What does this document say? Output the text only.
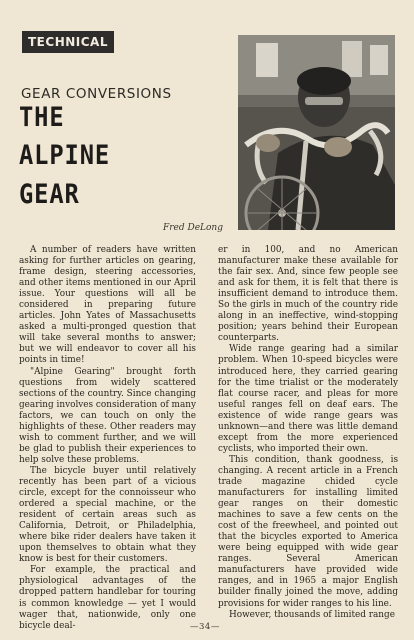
TECHNICAL
GEAR CONVERSIONS
THE
ALPINE
GEAR
Fred DeLong

A number of readers have written asking for further articles on gearing, frame design, steering accessories, and other items mentioned in our April issue. Your questions will all be considered in preparing future articles. John Yates of Massachusetts asked a multi-pronged question that will take several months to answer; but we will endeavor to cover all his points in time!

"Alpine Gearing" brought forth questions from widely scattered sections of the country. Since changing gearing involves consideration of many factors, we can touch on only the highlights of these. Other readers may wish to comment further, and we will be glad to publish their experiences to help solve these problems.

The bicycle buyer until relatively recently has been part of a vicious circle, except for the connoisseur who ordered a special machine, or the resident of certain areas such as California, Detroit, or Philadelphia, where bike rider dealers have taken it upon themselves to obtain what they know is best for their customers.

For example, the practical and physiological advantages of the dropped pattern handlebar for touring is common knowledge — yet I would wager that, nationwide, only one bicycle deal-

er in 100, and no American manufacturer make these available for the fair sex. And, since few people see and ask for them, it is felt that there is insufficient demand to introduce them. So the girls in much of the country ride along in an ineffective, wind-stopping position; years behind their European counterparts.

Wide range gearing had a similar problem. When 10-speed bicycles were introduced here, they carried gearing for the time trialist or the moderately flat course racer, and pleas for more useful ranges fell on deaf ears. The existence of wide range gears was unknown—and there was little demand except from the more experienced cyclists, who imported their own.

This condition, thank goodness, is changing. A recent article in a French trade magazine chided cycle manufacturers for installing limited gear ranges on their domestic machines to save a few cents on the cost of the freewheel, and pointed out that the bicycles exported to America were being equipped with wide gear ranges. Several American manufacturers have provided wide ranges, and in 1965 a major English builder finally joined the move, adding provisions for wider ranges to his line.

However, thousands of limited range

—34—
